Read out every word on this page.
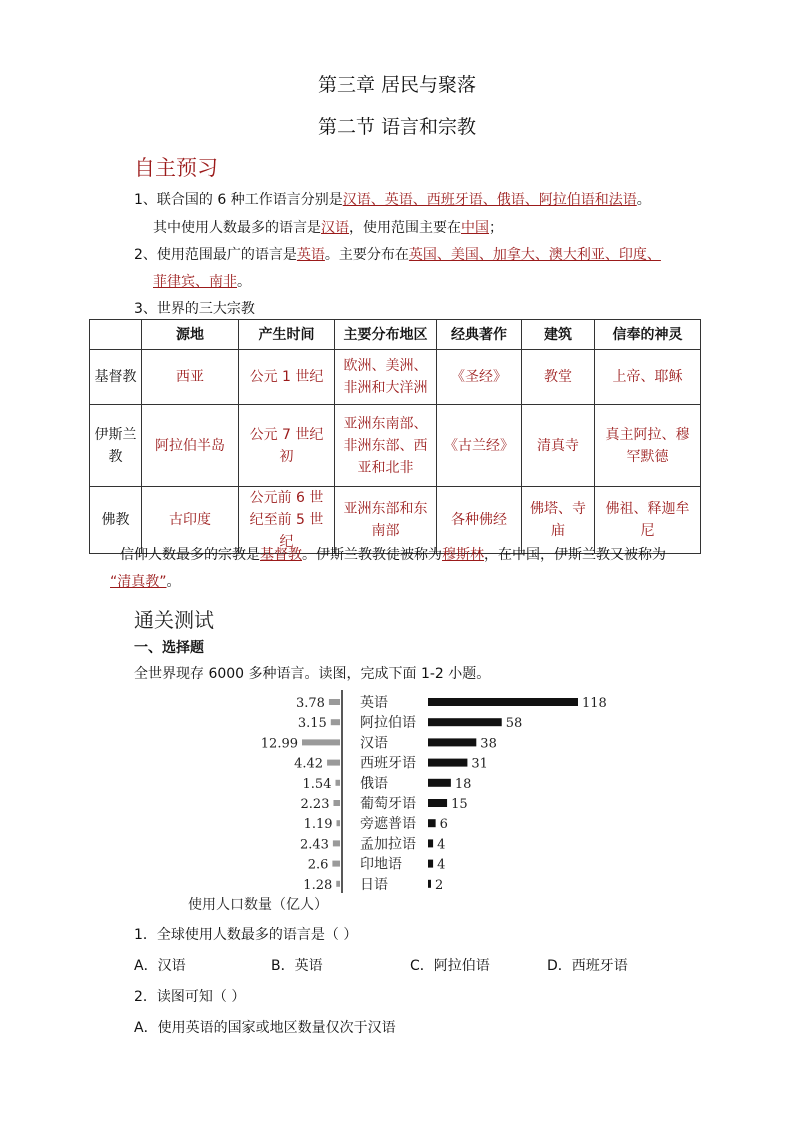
第三章 居民与聚落
第二节 语言和宗教
自主预习
1、联合国的 6 种工作语言分别是汉语、英语、西班牙语、俄语、阿拉伯语和法语。
其中使用人数最多的语言是汉语，使用范围主要在中国；
2、使用范围最广的语言是英语。主要分布在英国、美国、加拿大、澳大利亚、印度、
菲律宾、南非。
3、世界的三大宗教
	源地	产生时间	主要分布地区	经典著作	建筑	信奉的神灵
基督教	西亚	公元 1 世纪	欧洲、美洲、非洲和大洋洲	《圣经》	教堂	上帝、耶稣
伊斯兰教	阿拉伯半岛	公元 7 世纪初	亚洲东南部、非洲东部、西亚和北非	《古兰经》	清真寺	真主阿拉、穆罕默德
佛教	古印度	公元前 6 世纪至前 5 世纪	亚洲东部和东南部	各种佛经	佛塔、寺庙	佛祖、释迦牟尼
信仰人数最多的宗教是基督教。伊斯兰教教徒被称为穆斯林，在中国，伊斯兰教又被称为
“清真教”。
通关测试
一、选择题
全世界现存 6000 多种语言。读图，完成下面 1-2 小题。
3.78	英语	118
3.15 阿拉伯语	58
12.99	汉语	38
4.42	西班牙语	31
1.54 俄语	18
2.23 葡萄牙语	15
1.19 旁遮普语 6
2.43 孟加拉语 4
2.6 印地语	4
1.28 日语	2
使用人口数量（亿人）
1．全球使用人数最多的语言是（ ）
A．汉语	B．英语	C．阿拉伯语	D．西班牙语
2．读图可知（ ）
A．使用英语的国家或地区数量仅次于汉语
